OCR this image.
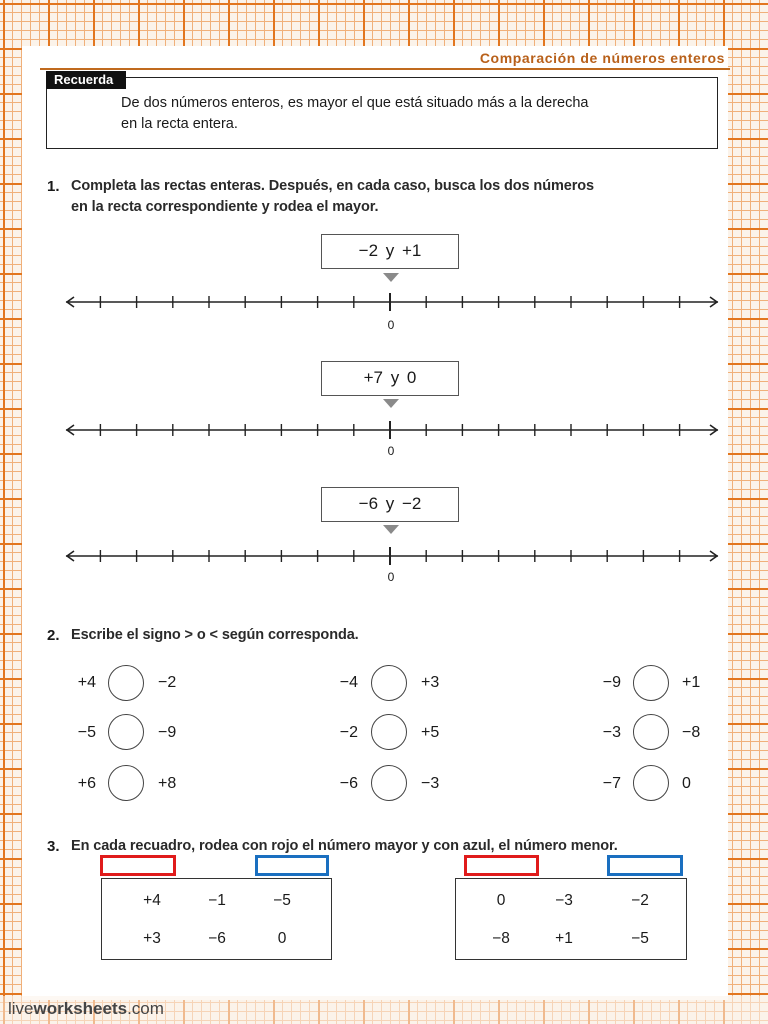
Comparación de números enteros
Recuerda
De dos números enteros, es mayor el que está situado más a la derecha
en la recta entera.
1. Completa las rectas enteras. Después, en cada caso, busca los dos números
en la recta correspondiente y rodea el mayor.
−2 y +1
0
+7 y 0
0
−6 y −2
0
2. Escribe el signo > o < según corresponda.
+4	−2
−5	−9
+6	+8
−4	+3
−2	+5
−6	−3
−9	+1
−3	−8
−7	0
3. En cada recuadro, rodea con rojo el número mayor y con azul, el número menor.
+4	−1	−5
+3	−6	0
0	−3	−2
−8	+1	−5
liveworksheets.com
